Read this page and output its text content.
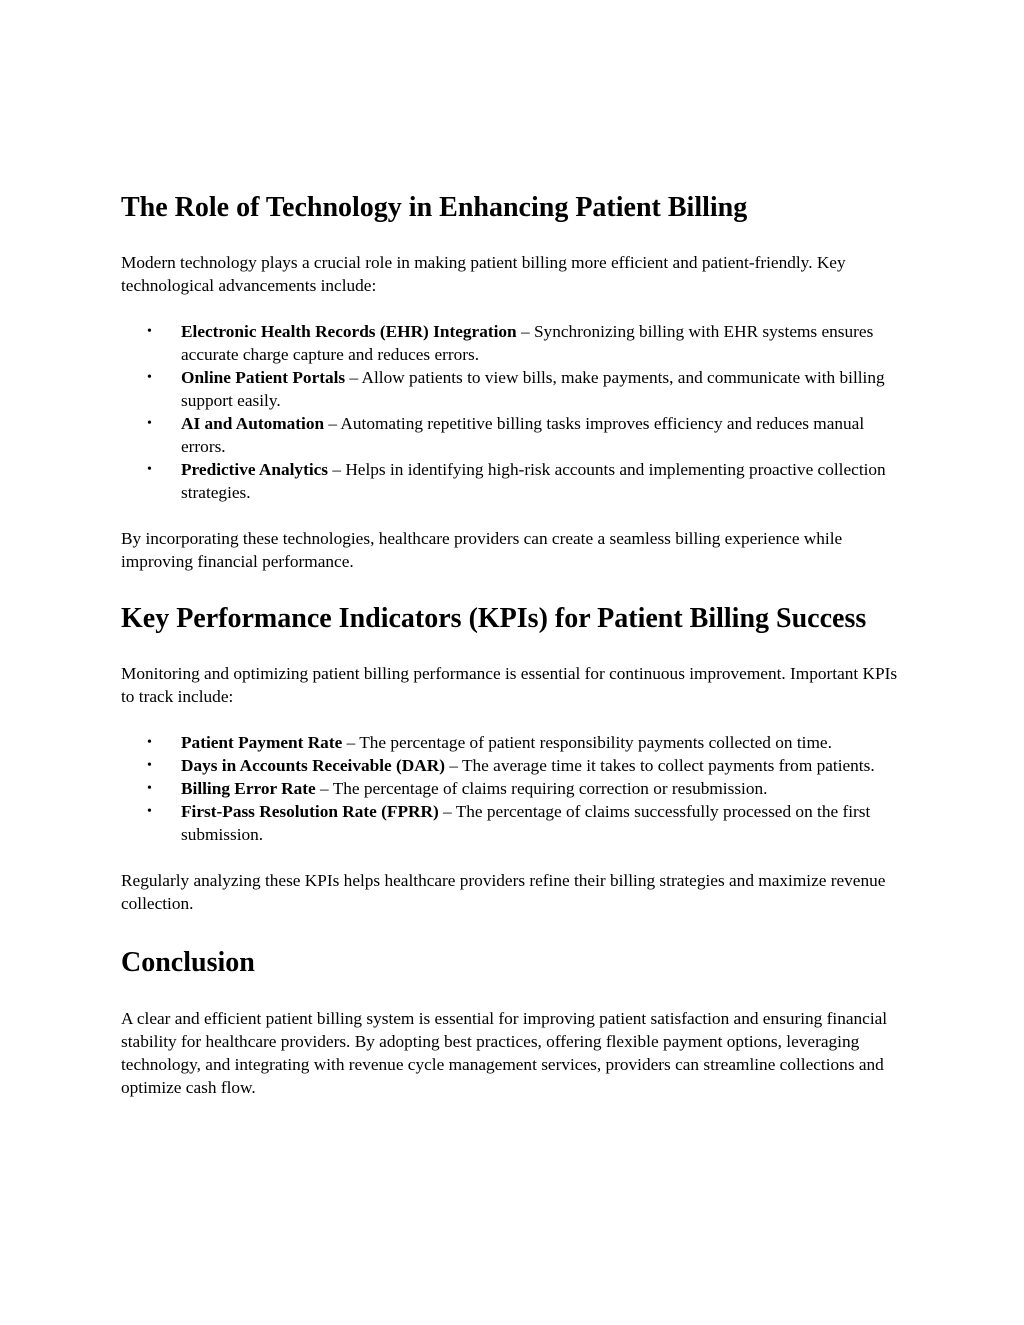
The Role of Technology in Enhancing Patient Billing

Modern technology plays a crucial role in making patient billing more efficient and patient-friendly. Key technological advancements include:

• Electronic Health Records (EHR) Integration – Synchronizing billing with EHR systems ensures accurate charge capture and reduces errors.
• Online Patient Portals – Allow patients to view bills, make payments, and communicate with billing support easily.
• AI and Automation – Automating repetitive billing tasks improves efficiency and reduces manual errors.
• Predictive Analytics – Helps in identifying high-risk accounts and implementing proactive collection strategies.

By incorporating these technologies, healthcare providers can create a seamless billing experience while improving financial performance.

Key Performance Indicators (KPIs) for Patient Billing Success

Monitoring and optimizing patient billing performance is essential for continuous improvement. Important KPIs to track include:

• Patient Payment Rate – The percentage of patient responsibility payments collected on time.
• Days in Accounts Receivable (DAR) – The average time it takes to collect payments from patients.
• Billing Error Rate – The percentage of claims requiring correction or resubmission.
• First-Pass Resolution Rate (FPRR) – The percentage of claims successfully processed on the first submission.

Regularly analyzing these KPIs helps healthcare providers refine their billing strategies and maximize revenue collection.

Conclusion

A clear and efficient patient billing system is essential for improving patient satisfaction and ensuring financial stability for healthcare providers. By adopting best practices, offering flexible payment options, leveraging technology, and integrating with revenue cycle management services, providers can streamline collections and optimize cash flow.
